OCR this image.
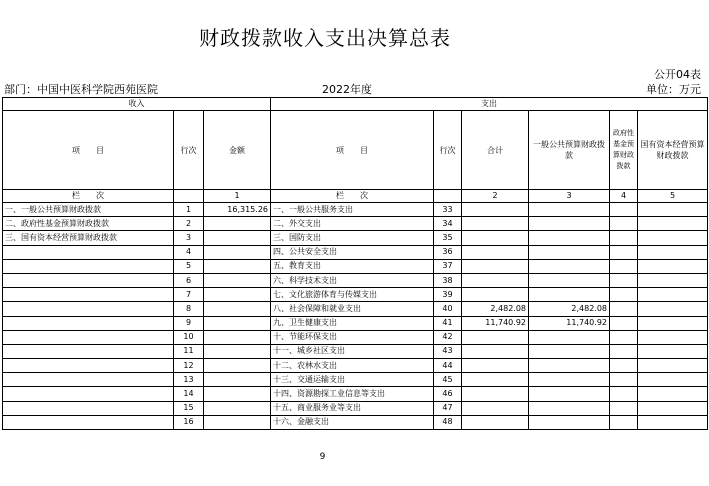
财政拨款收入支出决算总表
公开04表
部门：中国中医科学院西苑医院	2022年度	单位：万元
收入			支出					
项　　目	行次	金额	项　　目	行次	合计	一般公共预算财政拨款	政府性基金预算财政拨款	国有资本经营预算财政拨款
栏　　次		1	栏　　次		2	3	4	5
一、一般公共预算财政拨款	1	16,315.26	一、一般公共服务支出	33				
二、政府性基金预算财政拨款	2		二、外交支出	34				
三、国有资本经营预算财政拨款	3		三、国防支出	35				
	4		四、公共安全支出	36				
	5		五、教育支出	37				
	6		六、科学技术支出	38				
	7		七、文化旅游体育与传媒支出	39				
	8		八、社会保障和就业支出	40	2,482.08	2,482.08		
	9		九、卫生健康支出	41	11,740.92	11,740.92		
	10		十、节能环保支出	42				
	11		十一、城乡社区支出	43				
	12		十二、农林水支出	44				
	13		十三、交通运输支出	45				
	14		十四、资源勘探工业信息等支出	46				
	15		十五、商业服务业等支出	47				
	16		十六、金融支出	48				
9
